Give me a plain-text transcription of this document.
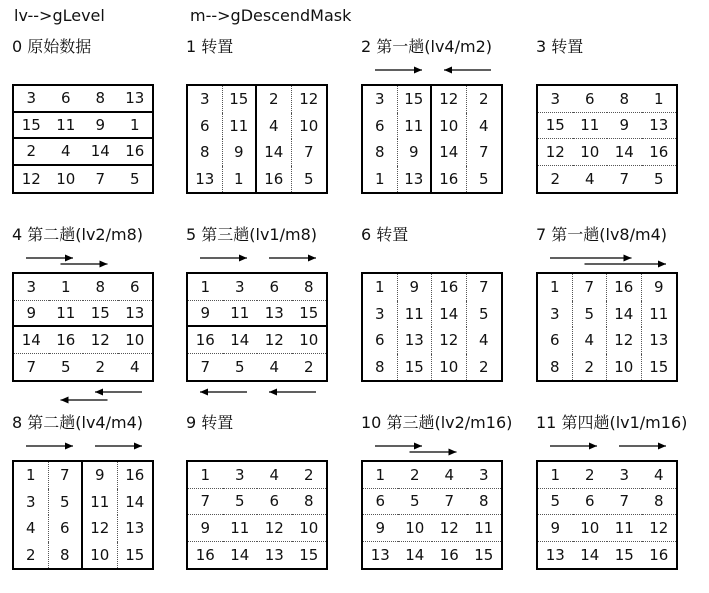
lv-->gLevel	m-->gDescendMask
0 原始数据
3	6	8	13
15	11	9	1
2	4	14	16
12	10	7	5
1 转置
3	15	2	12
6	11	4	10
8	9	14	7
13	1	16	5
2 第一趟(lv4/m2)
3	15	12	2
6	11	10	4
8	9	14	7
1	13	16	5
3 转置
3	6	8	1
15	11	9	13
12	10	14	16
2	4	7	5
4 第二趟(lv2/m8)
3	1	8	6
9	11	15	13
14	16	12	10
7	5	2	4
5 第三趟(lv1/m8)
1	3	6	8
9	11	13	15
16	14	12	10
7	5	4	2
6 转置
1	9	16	7
3	11	14	5
6	13	12	4
8	15	10	2
7 第一趟(lv8/m4)
1	7	16	9
3	5	14	11
6	4	12	13
8	2	10	15
8 第二趟(lv4/m4)
1	7	9	16
3	5	11	14
4	6	12	13
2	8	10	15
9 转置
1	3	4	2
7	5	6	8
9	11	12	10
16	14	13	15
10 第三趟(lv2/m16)
1	2	4	3
6	5	7	8
9	10	12	11
13	14	16	15
11 第四趟(lv1/m16)
1	2	3	4
5	6	7	8
9	10	11	12
13	14	15	16
